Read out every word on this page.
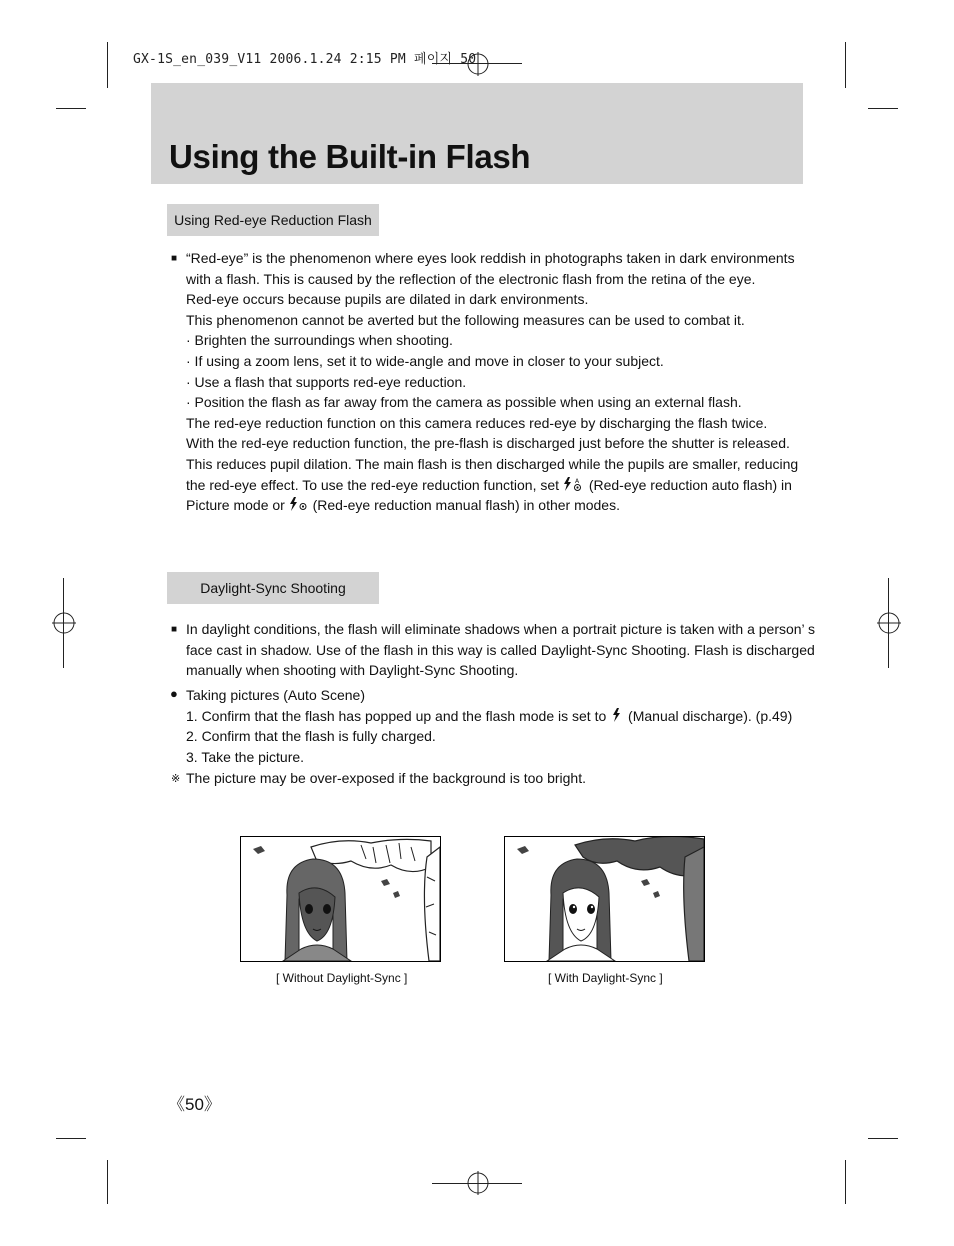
GX-1S_en_039_V11 2006.1.24 2:15 PM 페이지 50
Using the Built-in Flash
Using Red-eye Reduction Flash
■ “Red-eye” is the phenomenon where eyes look reddish in photographs taken in dark environments
with a flash. This is caused by the reflection of the electronic flash from the retina of the eye.
Red-eye occurs because pupils are dilated in dark environments.
This phenomenon cannot be averted but the following measures can be used to combat it.
· Brighten the surroundings when shooting.
· If using a zoom lens, set it to wide-angle and move in closer to your subject.
· Use a flash that supports red-eye reduction.
· Position the flash as far away from the camera as possible when using an external flash.
The red-eye reduction function on this camera reduces red-eye by discharging the flash twice.
With the red-eye reduction function, the pre-flash is discharged just before the shutter is released.
This reduces pupil dilation. The main flash is then discharged while the pupils are smaller, reducing
the red-eye effect. To use the red-eye reduction function, set	A (Red-eye reduction auto flash) in
Picture mode or (Red-eye reduction manual flash) in other modes.
Daylight-Sync Shooting
■ In daylight conditions, the flash will eliminate shadows when a portrait picture is taken with a person’ s
face cast in shadow. Use of the flash in this way is called Daylight-Sync Shooting. Flash is discharged
manually when shooting with Daylight-Sync Shooting.
● Taking pictures (Auto Scene)
1. Confirm that the flash has popped up and the flash mode is set to (Manual discharge). (p.49)
2. Confirm that the flash is fully charged.
3. Take the picture.
※ The picture may be over-exposed if the background is too bright.
[ Without Daylight-Sync ]	[ With Daylight-Sync ]
《50》
